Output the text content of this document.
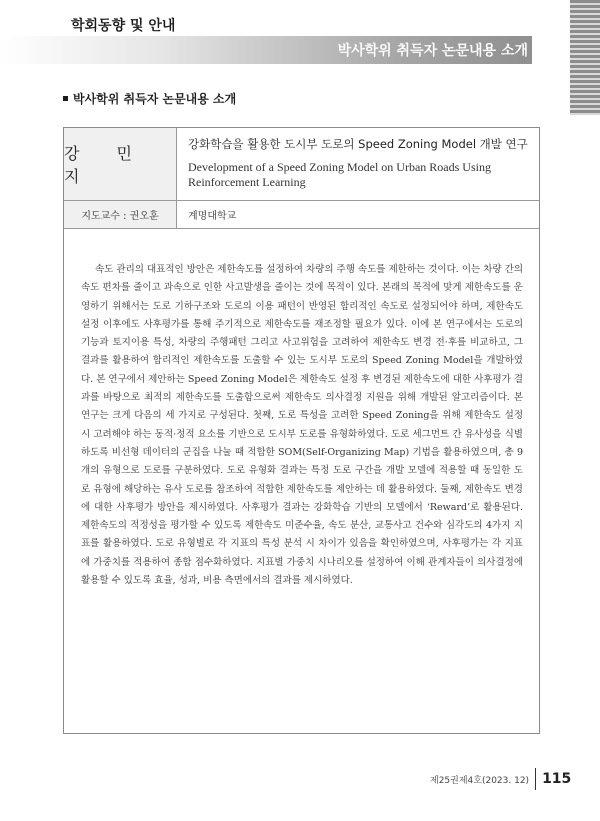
학회동향 및 안내
박사학위 취득자 논문내용 소개
박사학위 취득자 논문내용 소개
강 민 지

강화학습을 활용한 도시부 도로의 Speed Zoning Model 개발 연구

Development of a Speed Zoning Model on Urban Roads Using
Reinforcement Learning

지도교수 : 권오훈	계명대학교

속도 관리의 대표적인 방안은 제한속도를 설정하여 차량의 주행 속도를 제한하는 것이다. 이는 차량 간의 속도 편차를 줄이고 과속으로 인한 사고발생을 줄이는 것에 목적이 있다. 본래의 목적에 맞게 제한속도를 운영하기 위해서는 도로 기하구조와 도로의 이용 패턴이 반영된 합리적인 속도로 설정되어야 하며, 제한속도 설정 이후에도 사후평가를 통해 주기적으로 제한속도를 재조정할 필요가 있다. 이에 본 연구에서는 도로의 기능과 토지이용 특성, 차량의 주행패턴 그리고 사고위험을 고려하여 제한속도 변경 전·후를 비교하고, 그 결과를 활용하여 합리적인 제한속도를 도출할 수 있는 도시부 도로의 Speed Zoning Model을 개발하였다. 본 연구에서 제안하는 Speed Zoning Model은 제한속도 설정 후 변경된 제한속도에 대한 사후평가 결과를 바탕으로 최적의 제한속도를 도출함으로써 제한속도 의사결정 지원을 위해 개발된 알고리즘이다. 본 연구는 크게 다음의 세 가지로 구성된다. 첫째, 도로 특성을 고려한 Speed Zoning을 위해 제한속도 설정 시 고려해야 하는 동적·정적 요소를 기반으로 도시부 도로를 유형화하였다. 도로 세그먼트 간 유사성을 식별하도록 비선형 데이터의 군집을 나눌 때 적합한 SOM(Self-Organizing Map) 기법을 활용하였으며, 총 9개의 유형으로 도로를 구분하였다. 도로 유형화 결과는 특정 도로 구간을 개발 모델에 적용할 때 동일한 도로 유형에 해당하는 유사 도로를 참조하여 적합한 제한속도를 제안하는 데 활용하였다. 둘째, 제한속도 변경에 대한 사후평가 방안을 제시하였다. 사후평가 결과는 강화학습 기반의 모델에서 ‘Reward’로 활용된다. 제한속도의 적정성을 평가할 수 있도록 제한속도 미준수율, 속도 분산, 교통사고 건수와 심각도의 4가지 지표를 활용하였다. 도로 유형별로 각 지표의 특성 분석 시 차이가 있음을 확인하였으며, 사후평가는 각 지표에 가중치를 적용하여 종합 점수화하였다. 지표별 가중치 시나리오를 설정하여 이해 관계자들이 의사결정에 활용할 수 있도록 효율, 성과, 비용 측면에서의 결과를 제시하였다.

제25권제4호(2023. 12) 115
